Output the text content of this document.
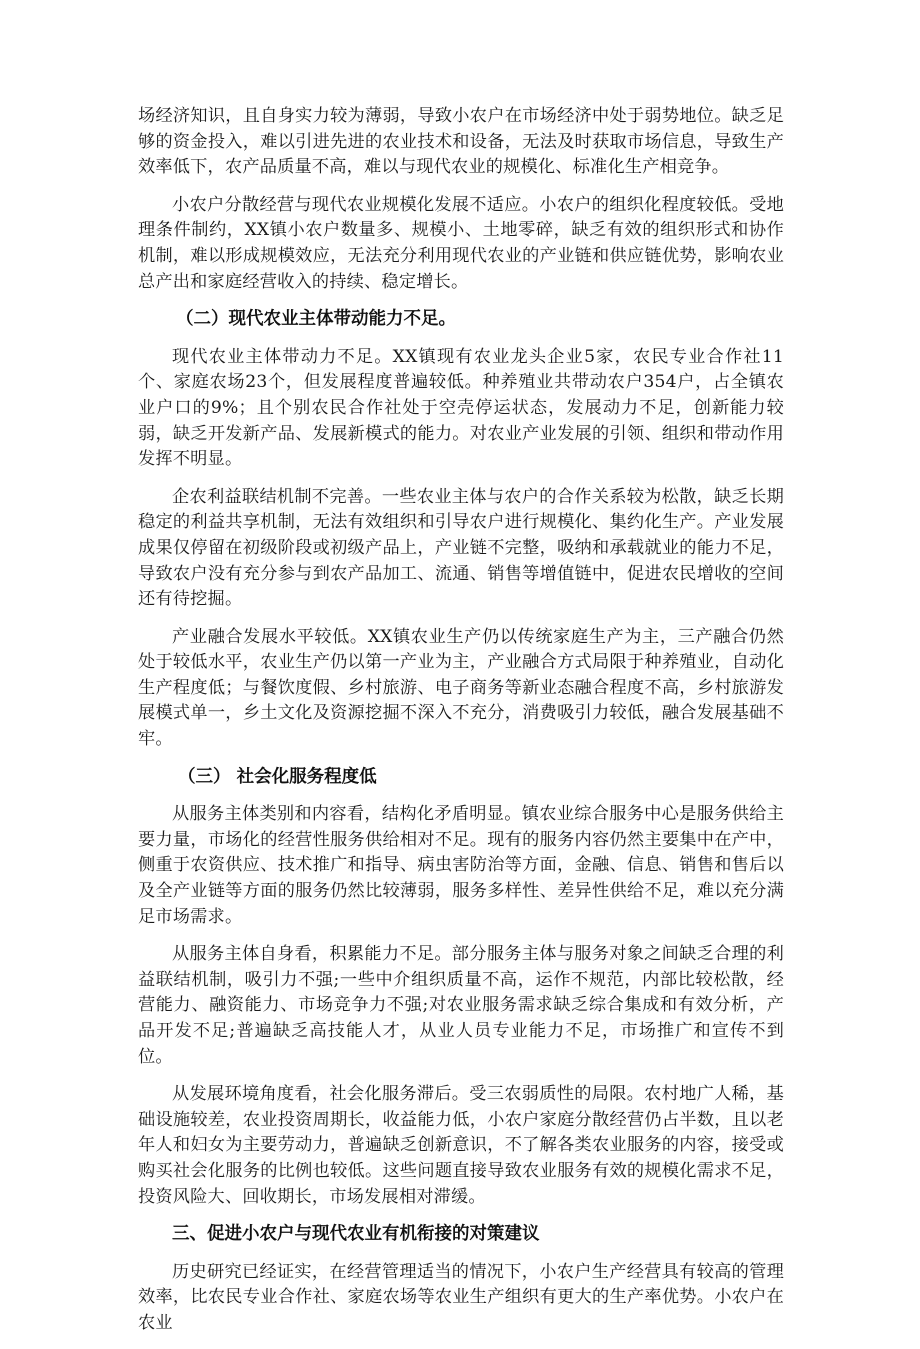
场经济知识，且自身实力较为薄弱，导致小农户在市场经济中处于弱势地位。缺乏足够的资金投入，难以引进先进的农业技术和设备，无法及时获取市场信息，导致生产效率低下，农产品质量不高，难以与现代农业的规模化、标准化生产相竞争。

小农户分散经营与现代农业规模化发展不适应。小农户的组织化程度较低。受地理条件制约，XX镇小农户数量多、规模小、土地零碎，缺乏有效的组织形式和协作机制，难以形成规模效应，无法充分利用现代农业的产业链和供应链优势，影响农业总产出和家庭经营收入的持续、稳定增长。

（二）现代农业主体带动能力不足。

现代农业主体带动力不足。XX镇现有农业龙头企业5家，农民专业合作社11个、家庭农场23个，但发展程度普遍较低。种养殖业共带动农户354户，占全镇农业户口的9%；且个别农民合作社处于空壳停运状态，发展动力不足，创新能力较弱，缺乏开发新产品、发展新模式的能力。对农业产业发展的引领、组织和带动作用发挥不明显。

企农利益联结机制不完善。一些农业主体与农户的合作关系较为松散，缺乏长期稳定的利益共享机制，无法有效组织和引导农户进行规模化、集约化生产。产业发展成果仅停留在初级阶段或初级产品上，产业链不完整，吸纳和承载就业的能力不足，导致农户没有充分参与到农产品加工、流通、销售等增值链中，促进农民增收的空间还有待挖掘。

产业融合发展水平较低。XX镇农业生产仍以传统家庭生产为主，三产融合仍然处于较低水平，农业生产仍以第一产业为主，产业融合方式局限于种养殖业，自动化生产程度低；与餐饮度假、乡村旅游、电子商务等新业态融合程度不高，乡村旅游发展模式单一，乡土文化及资源挖掘不深入不充分，消费吸引力较低，融合发展基础不牢。

（三） 社会化服务程度低

从服务主体类别和内容看，结构化矛盾明显。镇农业综合服务中心是服务供给主要力量，市场化的经营性服务供给相对不足。现有的服务内容仍然主要集中在产中，侧重于农资供应、技术推广和指导、病虫害防治等方面，金融、信息、销售和售后以及全产业链等方面的服务仍然比较薄弱，服务多样性、差异性供给不足，难以充分满足市场需求。

从服务主体自身看，积累能力不足。部分服务主体与服务对象之间缺乏合理的利益联结机制，吸引力不强;一些中介组织质量不高，运作不规范，内部比较松散，经营能力、融资能力、市场竞争力不强;对农业服务需求缺乏综合集成和有效分析，产品开发不足;普遍缺乏高技能人才，从业人员专业能力不足，市场推广和宣传不到位。

从发展环境角度看，社会化服务滞后。受三农弱质性的局限。农村地广人稀，基础设施较差，农业投资周期长，收益能力低，小农户家庭分散经营仍占半数，且以老年人和妇女为主要劳动力，普遍缺乏创新意识，不了解各类农业服务的内容，接受或购买社会化服务的比例也较低。这些问题直接导致农业服务有效的规模化需求不足，投资风险大、回收期长，市场发展相对滞缓。

三、促进小农户与现代农业有机衔接的对策建议

历史研究已经证实，在经营管理适当的情况下，小农户生产经营具有较高的管理效率，比农民专业合作社、家庭农场等农业生产组织有更大的生产率优势。小农户在农业
